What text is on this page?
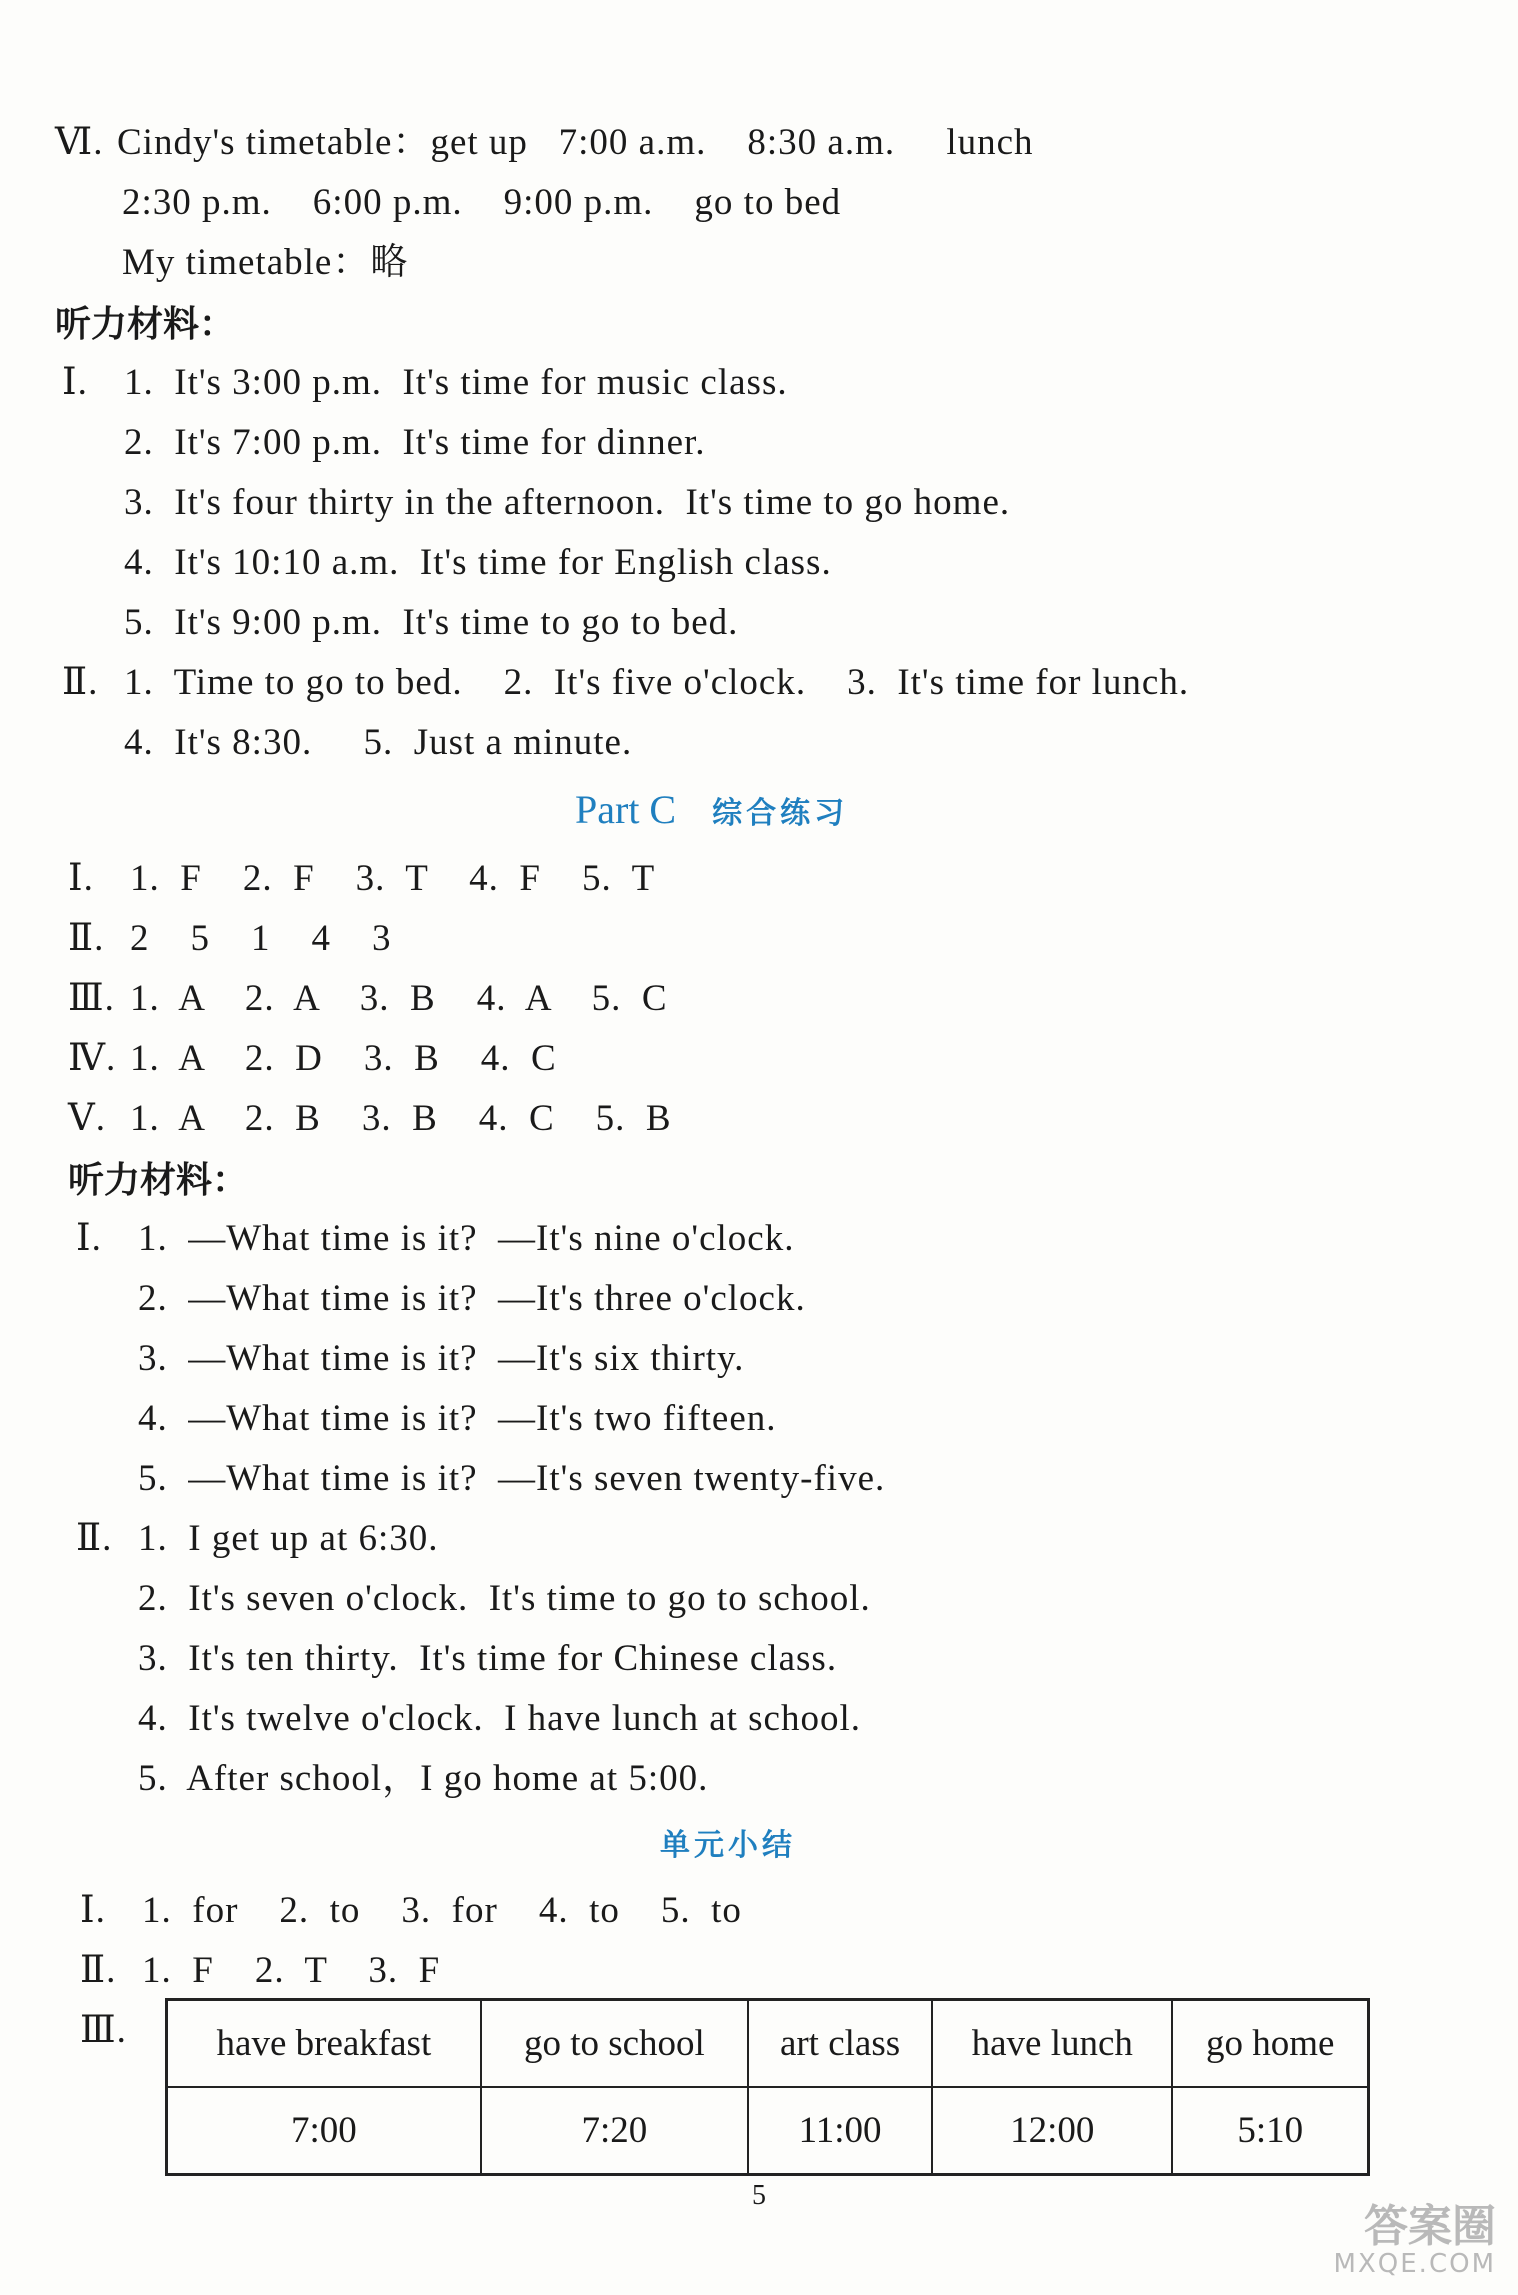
Ⅵ. Cindy's timetable：get up   7:00 a.m.    8:30 a.m.     lunch
2:30 p.m.    6:00 p.m.    9:00 p.m.    go to bed
My timetable：略
听力材料：
Ⅰ. 1.  It's 3:00 p.m.  It's time for music class.
2.  It's 7:00 p.m.  It's time for dinner.
3.  It's four thirty in the afternoon.  It's time to go home.
4.  It's 10:10 a.m.  It's time for English class.
5.  It's 9:00 p.m.  It's time to go to bed.
Ⅱ. 1.  Time to go to bed.    2.  It's five o'clock.    3.  It's time for lunch.
4.  It's 8:30.     5.  Just a minute.
Part C 综合练习
Ⅰ. 1.  F    2.  F    3.  T    4.  F    5.  T
Ⅱ. 2    5    1    4    3
Ⅲ. 1.  A    2.  A    3.  B    4.  A    5.  C
Ⅳ. 1.  A    2.  D    3.  B    4.  C
Ⅴ. 1.  A    2.  B    3.  B    4.  C    5.  B
听力材料：
Ⅰ. 1.  —What time is it?  —It's nine o'clock.
2.  —What time is it?  —It's three o'clock.
3.  —What time is it?  —It's six thirty.
4.  —What time is it?  —It's two fifteen.
5.  —What time is it?  —It's seven twenty-five.
Ⅱ. 1.  I get up at 6:30.
2.  It's seven o'clock.  It's time to go to school.
3.  It's ten thirty.  It's time for Chinese class.
4.  It's twelve o'clock.  I have lunch at school.
5.  After school，I go home at 5:00.
单元小结
Ⅰ. 1.  for    2.  to    3.  for    4.  to    5.  to
Ⅱ. 1.  F    2.  T    3.  F
Ⅲ. have breakfast	go to school	art class	have lunch	go home
7:00	7:20	11:00	12:00	5:10
5
答案圈
MXQE.COM
